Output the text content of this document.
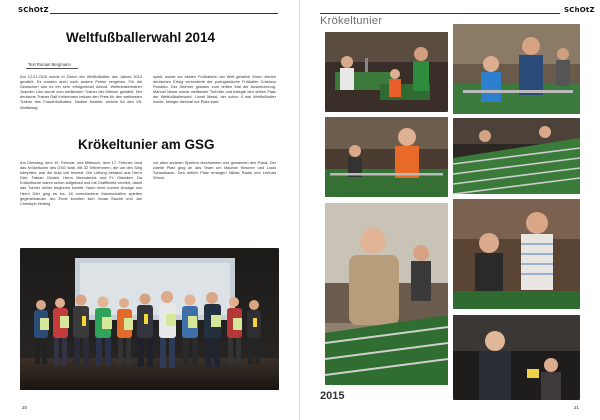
SChOtZ
Weltfußballerwahl 2014
Text Roman Bergmann

Am 12.01.2015 wurde in Zürich der Weltfußballer des Jahres 2014 gewählt. Es wurden auch noch andere Preise vergeben. Für die Deutschen war es ein sehr erfolgreicher Abend. Weltmeistertrainer Joachim Löw wurde zum weltbesten Trainer der Männer gewählt. Der deutsche Trainer Ralf Kellermann bekam den Preis für den weltbesten Trainer des Frauenfußballes. Nadine Kessler, welche für den VfL Wolfsburg

spielt, wurde zur besten Fußballerin der Welt gewählt. Einen vierten deutschen Erfolg verhinderte der portugiesische Fußballer Cristiano Ronaldo. Der Stürmer gewann zum dritten Mal die Auszeichnung. Manuel Neuer wurde weltbester Torhüter und belegte den dritten Platz der Weltfußballerwahl. Lionel Messi, der schon 4 mal Weltfußballer wurde, belegte diesmal nur Platz zwei.

Krökeltunier am GSG

Am Dienstag, dem 10. Februar, und Mittwoch, dem 17. Februar, fand das Krökeltunier des GSG statt. Mit 32 Teilnehmern, die um den Sieg kämpften, war die Aula voll besetzt. Die Leitung bestand aus Herrn Dörr, Fabian Glodek, Herrn Meenderink und Fr. Glandien. Da Krökeltische waren schon aufgebaut und mit Graffitinetz verziert, damit das Turnier sicher beginnen konnte. Nach einer kurzen Ansage von Herrn Dörr ging es los. 16 verschiedene Mannschaften spielten gegeneinander. Am Ende konnten sich Jonas Stache und Jan Christoph Hellwig

vor allen anderen Spielern durchsetzen und gewannen den Pokal. Der zweite Platz ging an das Team um Maurice Kirscher und Louis Schwabauer. Den dritten Platz errangen Niklas Radal und Lennart Wrock.

20
SChOtZ
Krökeltunier
2015
21
